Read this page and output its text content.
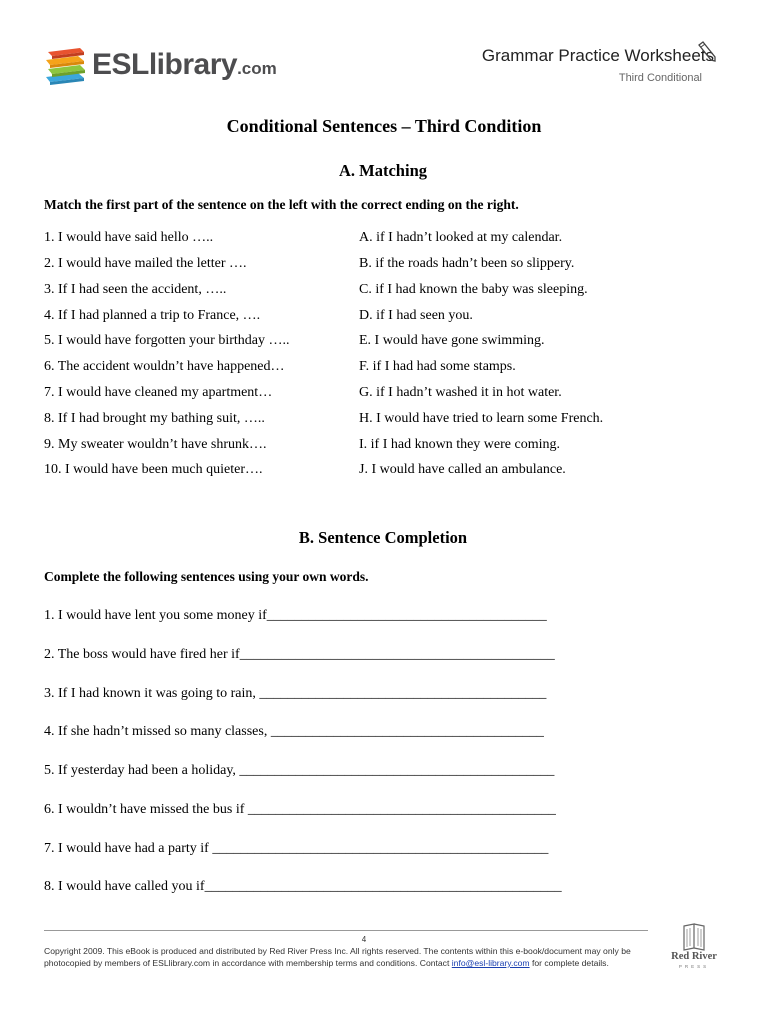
ESLlibrary.com
Grammar Practice Worksheets
Third Conditional
Conditional Sentences – Third Condition
A. Matching
Match the first part of the sentence on the left with the correct ending on the right.
1. I would have said hello …..
2. I would have mailed the letter ….
3. If I had seen the accident, …..
4. If I had planned a trip to France, ….
5. I would have forgotten your birthday …..
6. The accident wouldn’t have happened…
7. I would have cleaned my apartment…
8. If I had brought my bathing suit, …..
9. My sweater wouldn’t have shrunk….
10. I would have been much quieter….
A. if I hadn’t looked at my calendar.
B. if the roads hadn’t been so slippery.
C. if I had known the baby was sleeping.
D. if I had seen you.
E. I would have gone swimming.
F. if I had had some stamps.
G. if I hadn’t washed it in hot water.
H. I would have tried to learn some French.
I. if I had known they were coming.
J. I would have called an ambulance.
B. Sentence Completion
Complete the following sentences using your own words.
1. I would have lent you some money if________________________________________
2. The boss would have fired her if_____________________________________________
3. If I had known it was going to rain, _________________________________________
4. If she hadn’t missed so many classes, _______________________________________
5. If yesterday had been a holiday, _____________________________________________
6. I wouldn’t have missed the bus if ____________________________________________
7. I would have had a party if ________________________________________________
8. I would have called you if___________________________________________________
4
Copyright 2009. This eBook is produced and distributed by Red River Press Inc. All rights reserved. The contents within this e-book/document may only be photocopied by members of ESLlibrary.com in accordance with membership terms and conditions. Contact info@esl-library.com for complete details.
Red River
PRESS
